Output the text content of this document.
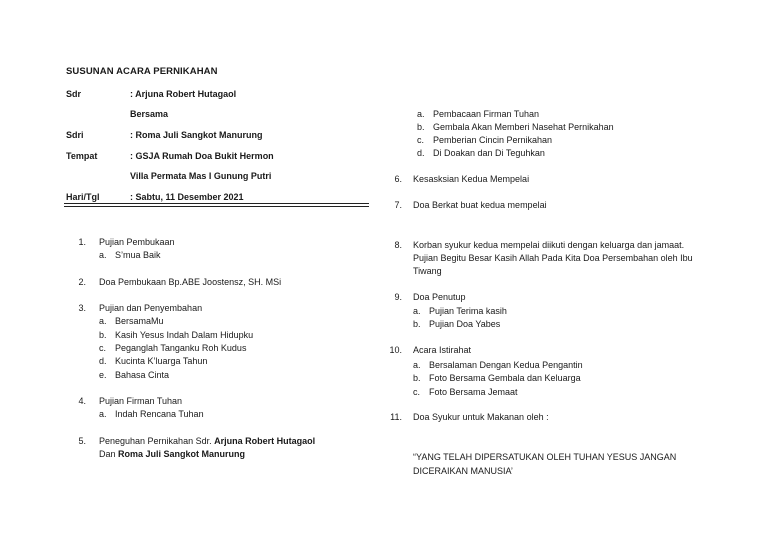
SUSUNAN ACARA PERNIKAHAN
Sdr	: Arjuna Robert Hutagaol
Bersama
Sdri	: Roma Juli Sangkot Manurung
Tempat	: GSJA Rumah Doa Bukit Hermon
Villa Permata Mas I Gunung Putri
Hari/Tgl	: Sabtu, 11 Desember 2021
1. Pujian Pembukaan
a. S’mua Baik
2. Doa Pembukaan Bp.ABE Joostensz, SH. MSi
3. Pujian dan Penyembahan
a. BersamaMu
b. Kasih Yesus Indah Dalam Hidupku
c. Peganglah Tanganku Roh Kudus
d. Kucinta K’luarga Tahun
e. Bahasa Cinta
4. Pujian Firman Tuhan
a. Indah Rencana Tuhan
5. Peneguhan Pernikahan Sdr. Arjuna Robert Hutagaol
Dan Roma Juli Sangkot Manurung
a. Pembacaan Firman Tuhan
b. Gembala Akan Memberi Nasehat Pernikahan
c. Pemberian Cincin Pernikahan
d. Di Doakan dan Di Teguhkan
6. Kesasksian Kedua Mempelai
7. Doa Berkat buat kedua mempelai
8. Korban syukur kedua mempelai diikuti dengan keluarga dan jamaat.
Pujian Begitu Besar Kasih Allah Pada Kita Doa Persembahan oleh Ibu
Tiwang
9. Doa Penutup
a. Pujian Terima kasih
b. Pujian Doa Yabes
10. Acara Istirahat
a. Bersalaman Dengan Kedua Pengantin
b. Foto Bersama Gembala dan Keluarga
c. Foto Bersama Jemaat
11. Doa Syukur untuk Makanan oleh :
“YANG TELAH DIPERSATUKAN OLEH TUHAN YESUS JANGAN
DICERAIKAN MANUSIA’
